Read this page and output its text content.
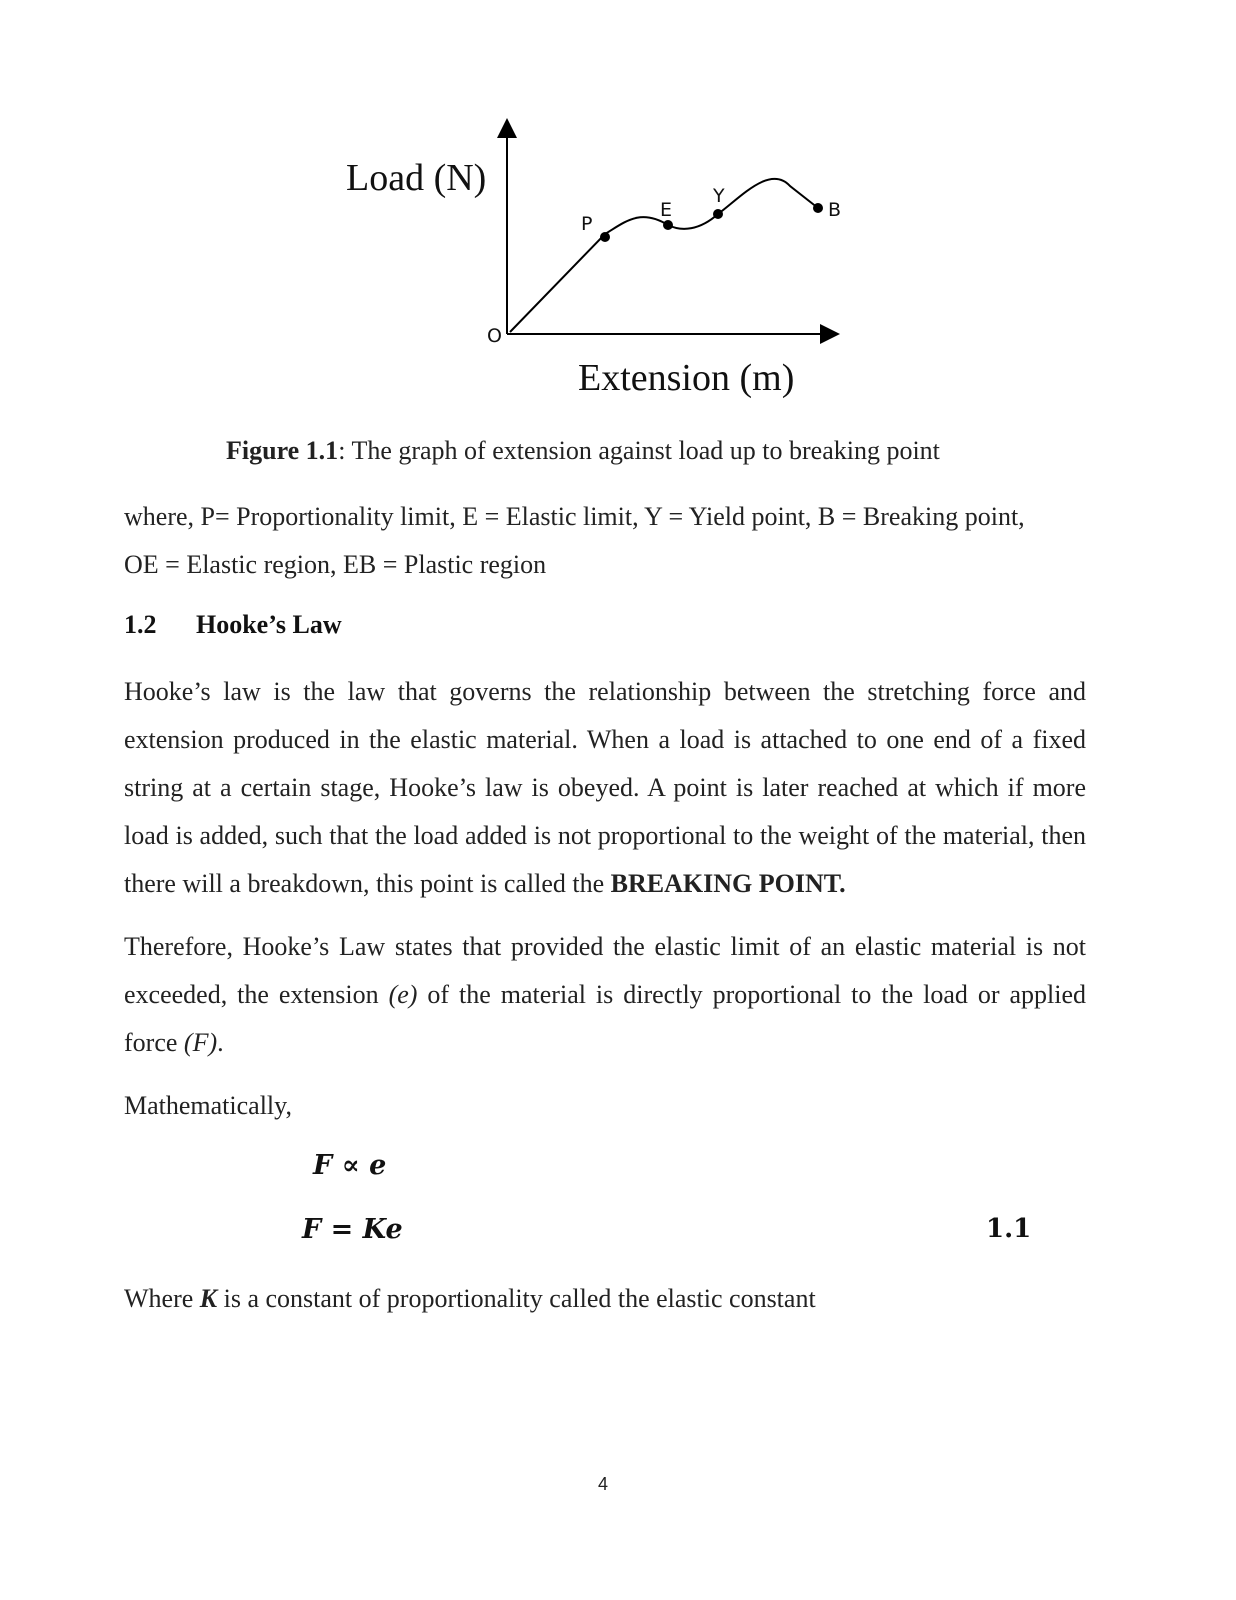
Load (N)
O
P
E
Y
B
Extension (m)
Figure 1.1: The graph of extension against load up to breaking point

where, P= Proportionality limit, E = Elastic limit, Y = Yield point, B = Breaking point,

OE = Elastic region, EB = Plastic region

1.2 Hooke’s Law

Hooke’s law is the law that governs the relationship between the stretching force and extension produced in the elastic material. When a load is attached to one end of a fixed string at a certain stage, Hooke’s law is obeyed. A point is later reached at which if more load is added, such that the load added is not proportional to the weight of the material, then there will a breakdown, this point is called the BREAKING POINT.

Therefore, Hooke’s Law states that provided the elastic limit of an elastic material is not exceeded, the extension (e) of the material is directly proportional to the load or applied force (F).

Mathematically,

F ∝ e
F = Ke	1.1

Where K is a constant of proportionality called the elastic constant

4
